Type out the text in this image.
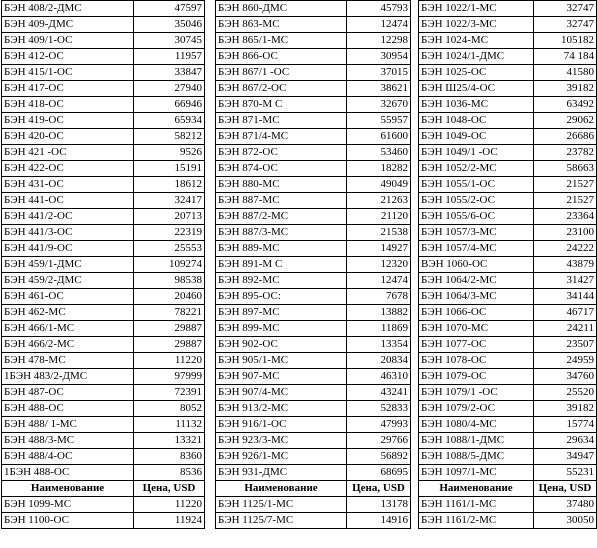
БЭН 408/2-ДМС	47597
БЭН 409-ДМС	35046
БЭН 409/1-ОС	30745
БЭН 412-ОС	11957
БЭН 415/1-ОС	33847
БЭН 417-ОС	27940
БЭН 418-ОС	66946
БЭН 419-ОС	65934
БЭН 420-ОС	58212
БЭН 421 -ОС	9526
БЭН 422-ОС	15191
БЭН 431-ОС	18612
БЭН 441-ОС	32417
БЭН 441/2-ОС	20713
БЭН 441/3-ОС	22319
БЭН 441/9-ОС	25553
БЭН 459/1-ДМС	109274
БЭН 459/2-ДМС	98538
БЭН 461-ОС	20460
БЭН 462-МС	78221
БЭН 466/1-МС	29887
БЭН 466/2-МС	29887
БЭН 478-МС	11220
1БЭН 483/2-ДМС	97999
БЭН 487-ОС	72391
БЭН 488-ОС	8052
БЭН 488/ 1-МС	11132
БЭН 488/3-МС	13321
БЭН 488/4-ОС	8360
1БЭН 488-ОС	8536
Наименование	Цена, USD
БЭН 1099-МС	11220
БЭН 1100-ОС	11924
БЭН 860-ДМС	45793
БЭН 863-МС	12474
БЭН 865/1-МС	12298
БЭН 866-ОС	30954
БЭН 867/1 -ОС	37015
БЭН 867/2-ОС	38621
БЭН 870-М С	32670
БЭН 871-МС	55957
БЭН 871/4-МС	61600
БЭН 872-ОС	53460
БЭН 874-ОС	18282
БЭН 880-МС	49049
БЭН 887-МС	21263
БЭН 887/2-МС	21120
БЭН 887/3-МС	21538
БЭН 889-МС	14927
БЭН 891-М С	12320
БЭН 892-МС	12474
БЭН 895-ОС:	7678
БЭН 897-МС	13882
БЭН 899-МС	11869
БЭН 902-ОС	13354
БЭН 905/1-МС	20834
БЭН 907-МС	46310
БЭН 907/4-МС	43241
БЭН 913/2-МС	52833
БЭН 916/1-ОС	47993
БЭН 923/3-МС	29766
БЭН 926/1-МС	56892
БЭН 931-ДМС	68695
Наименование	Цена, USD
БЭН 1125/1-МС	13178
БЭН 1125/7-МС	14916
БЭН 1022/1-МС	32747
БЭН 1022/3-МС	32747
БЭН 1024-МС	105182
БЭН 1024/1-ДМС	74 184
БЭН 1025-ОС	41580
БЭН Ш25/4-ОС	39182
БЭН 1036-МС	63492
БЭН 1048-ОС	29062
БЭН 1049-ОС	26686
БЭН 1049/1 -ОС	23782
БЭН 1052/2-МС	58663
БЭН 1055/1-ОС	21527
БЭН 1055/2-ОС	21527
БЭН 1055/6-ОС	23364
БЭН 1057/3-МС	23100
БЭН 1057/4-МС	24222
ВЭН 1060-ОС	43879
БЭН 1064/2-МС	31427
БЭН 1064/3-МС	34144
БЭН 1066-ОС	46717
БЭН 1070-МС	24211
БЭН 1077-ОС	23507
БЭН 1078-ОС	24959
БЭН 1079-ОС	34760
БЭН 1079/1 -ОС	25520
БЭН 1079/2-ОС	39182
БЭН 1080/4-МС	15774
БЭН 1088/1-ДМС	29634
БЭН 1088/5-ДМС	34947
БЭН 1097/1-МС	55231
Наименование	Цена, USD
БЭН 1161/1-МС	37480
БЭН 1161/2-МС	30050
